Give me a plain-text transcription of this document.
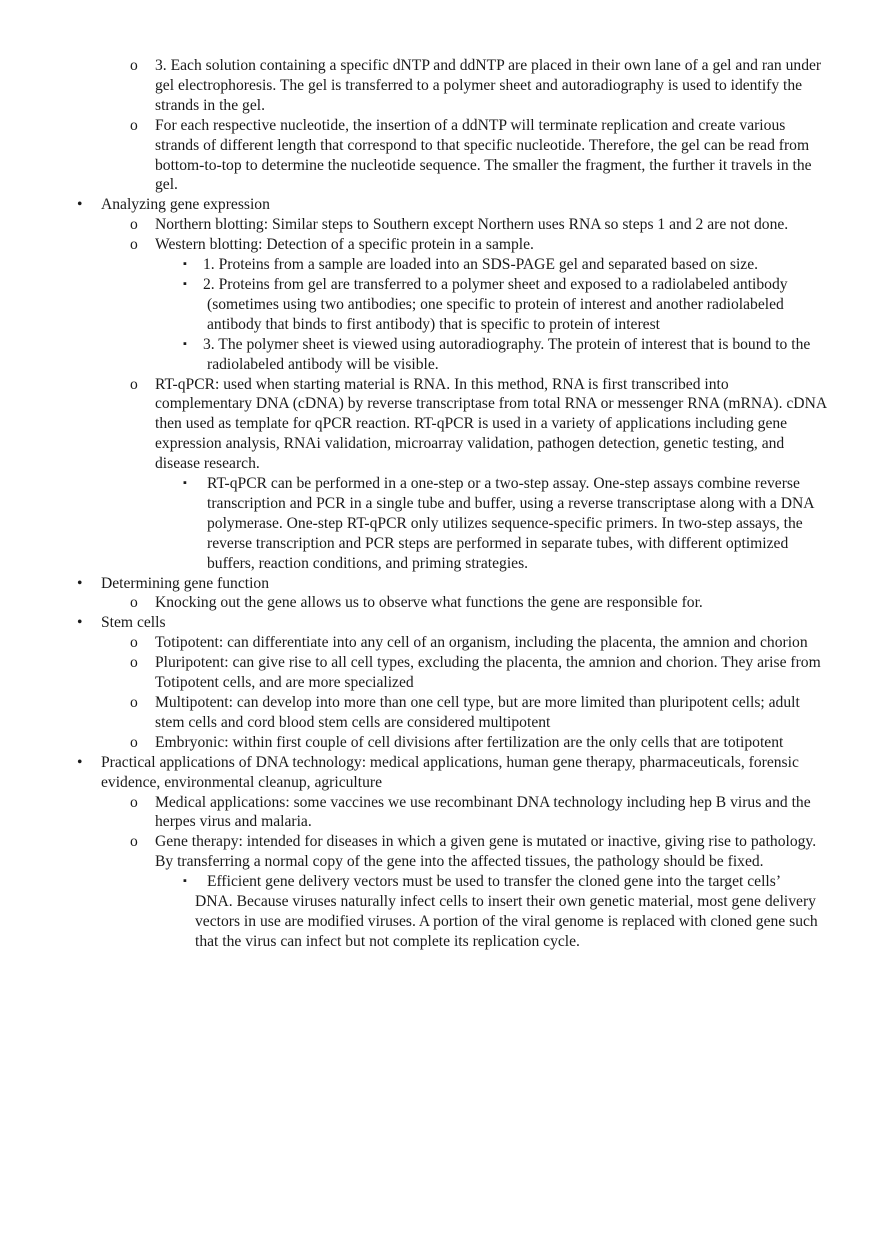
o 3. Each solution containing a specific dNTP and ddNTP are placed in their own lane of a gel and ran under gel electrophoresis. The gel is transferred to a polymer sheet and autoradiography is used to identify the strands in the gel.
o For each respective nucleotide, the insertion of a ddNTP will terminate replication and create various strands of different length that correspond to that specific nucleotide. Therefore, the gel can be read from bottom-to-top to determine the nucleotide sequence. The smaller the fragment, the further it travels in the gel.
• Analyzing gene expression
o Northern blotting: Similar steps to Southern except Northern uses RNA so steps 1 and 2 are not done.
o Western blotting: Detection of a specific protein in a sample.
▪ 1. Proteins from a sample are loaded into an SDS-PAGE gel and separated based on size.
▪ 2. Proteins from gel are transferred to a polymer sheet and exposed to a radiolabeled antibody (sometimes using two antibodies; one specific to protein of interest and another radiolabeled antibody that binds to first antibody) that is specific to protein of interest
▪ 3. The polymer sheet is viewed using autoradiography. The protein of interest that is bound to the radiolabeled antibody will be visible.
o RT-qPCR: used when starting material is RNA. In this method, RNA is first transcribed into complementary DNA (cDNA) by reverse transcriptase from total RNA or messenger RNA (mRNA). cDNA then used as template for qPCR reaction. RT-qPCR is used in a variety of applications including gene expression analysis, RNAi validation, microarray validation, pathogen detection, genetic testing, and disease research.
▪ RT-qPCR can be performed in a one-step or a two-step assay. One-step assays combine reverse transcription and PCR in a single tube and buffer, using a reverse transcriptase along with a DNA polymerase. One-step RT-qPCR only utilizes sequence-specific primers. In two-step assays, the reverse transcription and PCR steps are performed in separate tubes, with different optimized buffers, reaction conditions, and priming strategies.
• Determining gene function
o Knocking out the gene allows us to observe what functions the gene are responsible for.
• Stem cells
o Totipotent: can differentiate into any cell of an organism, including the placenta, the amnion and chorion
o Pluripotent: can give rise to all cell types, excluding the placenta, the amnion and chorion. They arise from Totipotent cells, and are more specialized
o Multipotent: can develop into more than one cell type, but are more limited than pluripotent cells; adult stem cells and cord blood stem cells are considered multipotent
o Embryonic: within first couple of cell divisions after fertilization are the only cells that are totipotent
• Practical applications of DNA technology: medical applications, human gene therapy, pharmaceuticals, forensic evidence, environmental cleanup, agriculture
o Medical applications: some vaccines we use recombinant DNA technology including hep B virus and the herpes virus and malaria.
o Gene therapy: intended for diseases in which a given gene is mutated or inactive, giving rise to pathology. By transferring a normal copy of the gene into the affected tissues, the pathology should be fixed.
▪ Efficient gene delivery vectors must be used to transfer the cloned gene into the target cells’ DNA. Because viruses naturally infect cells to insert their own genetic material, most gene delivery vectors in use are modified viruses. A portion of the viral genome is replaced with cloned gene such that the virus can infect but not complete its replication cycle.
